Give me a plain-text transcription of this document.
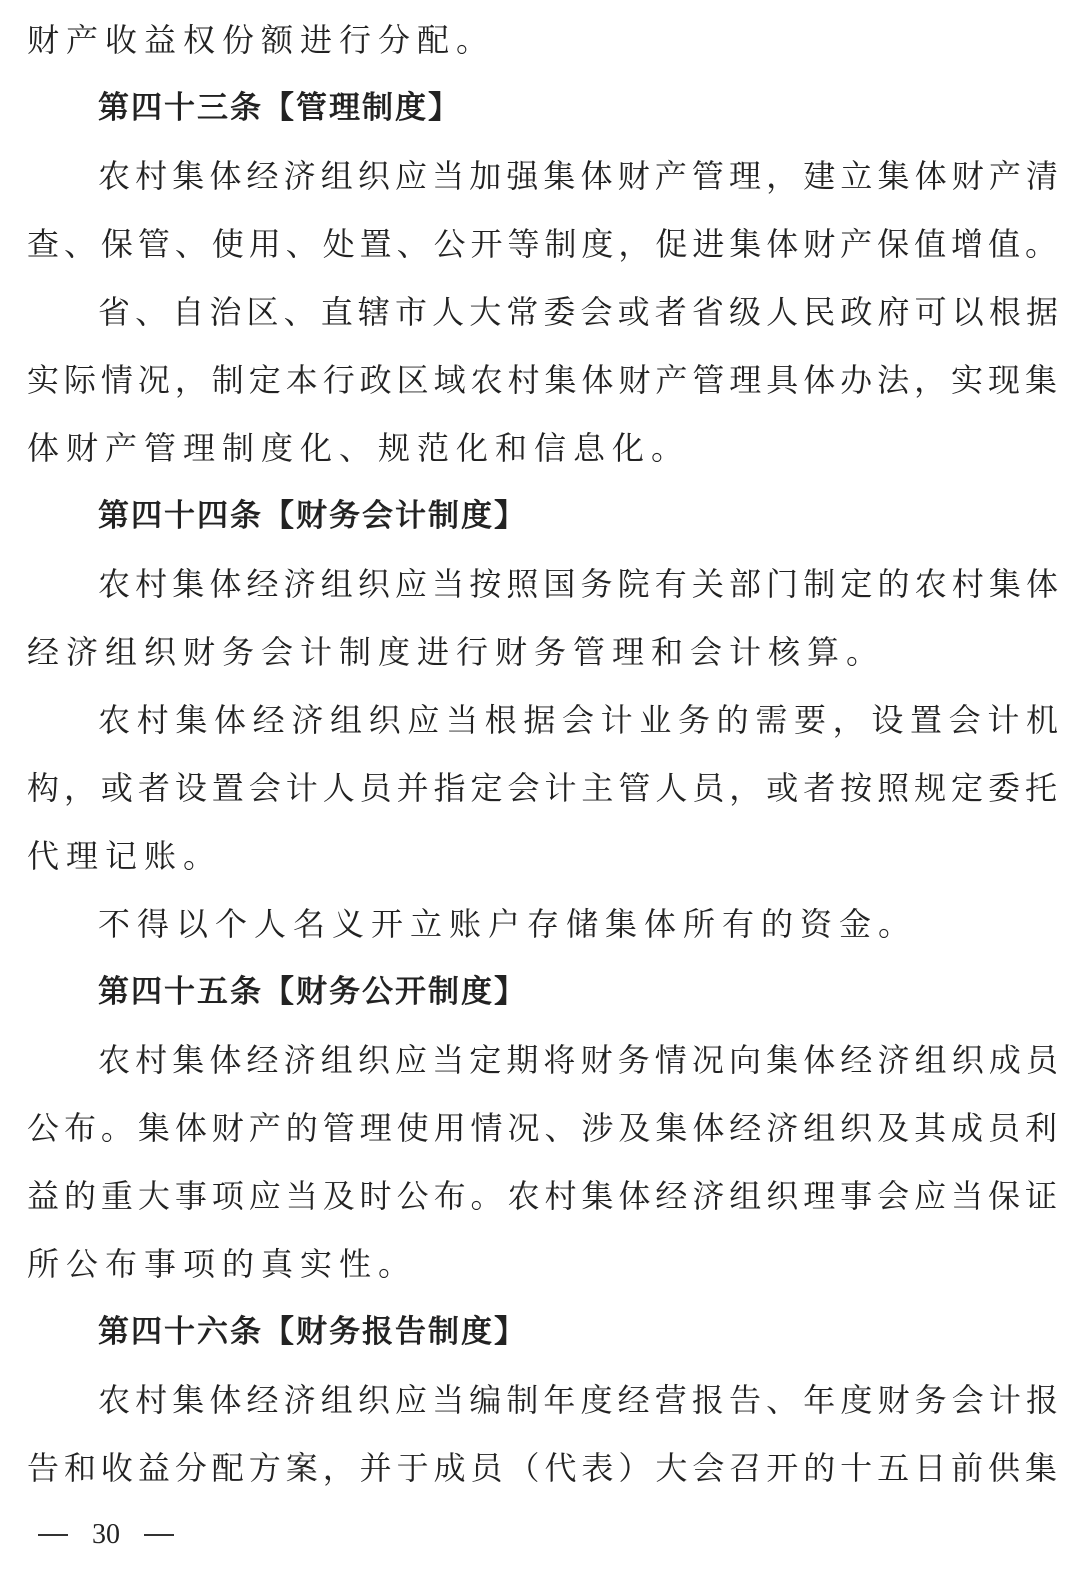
财产收益权份额进行分配。
第四十三条【管理制度】
农村集体经济组织应当加强集体财产管理，建立集体财产清
查、保管、使用、处置、公开等制度，促进集体财产保值增值。
省、自治区、直辖市人大常委会或者省级人民政府可以根据
实际情况，制定本行政区域农村集体财产管理具体办法，实现集
体财产管理制度化、规范化和信息化。
第四十四条【财务会计制度】
农村集体经济组织应当按照国务院有关部门制定的农村集体
经济组织财务会计制度进行财务管理和会计核算。
农村集体经济组织应当根据会计业务的需要，设置会计机
构，或者设置会计人员并指定会计主管人员，或者按照规定委托
代理记账。
不得以个人名义开立账户存储集体所有的资金。
第四十五条【财务公开制度】
农村集体经济组织应当定期将财务情况向集体经济组织成员
公布。集体财产的管理使用情况、涉及集体经济组织及其成员利
益的重大事项应当及时公布。农村集体经济组织理事会应当保证
所公布事项的真实性。
第四十六条【财务报告制度】
农村集体经济组织应当编制年度经营报告、年度财务会计报
告和收益分配方案，并于成员（代表）大会召开的十五日前供集
30
